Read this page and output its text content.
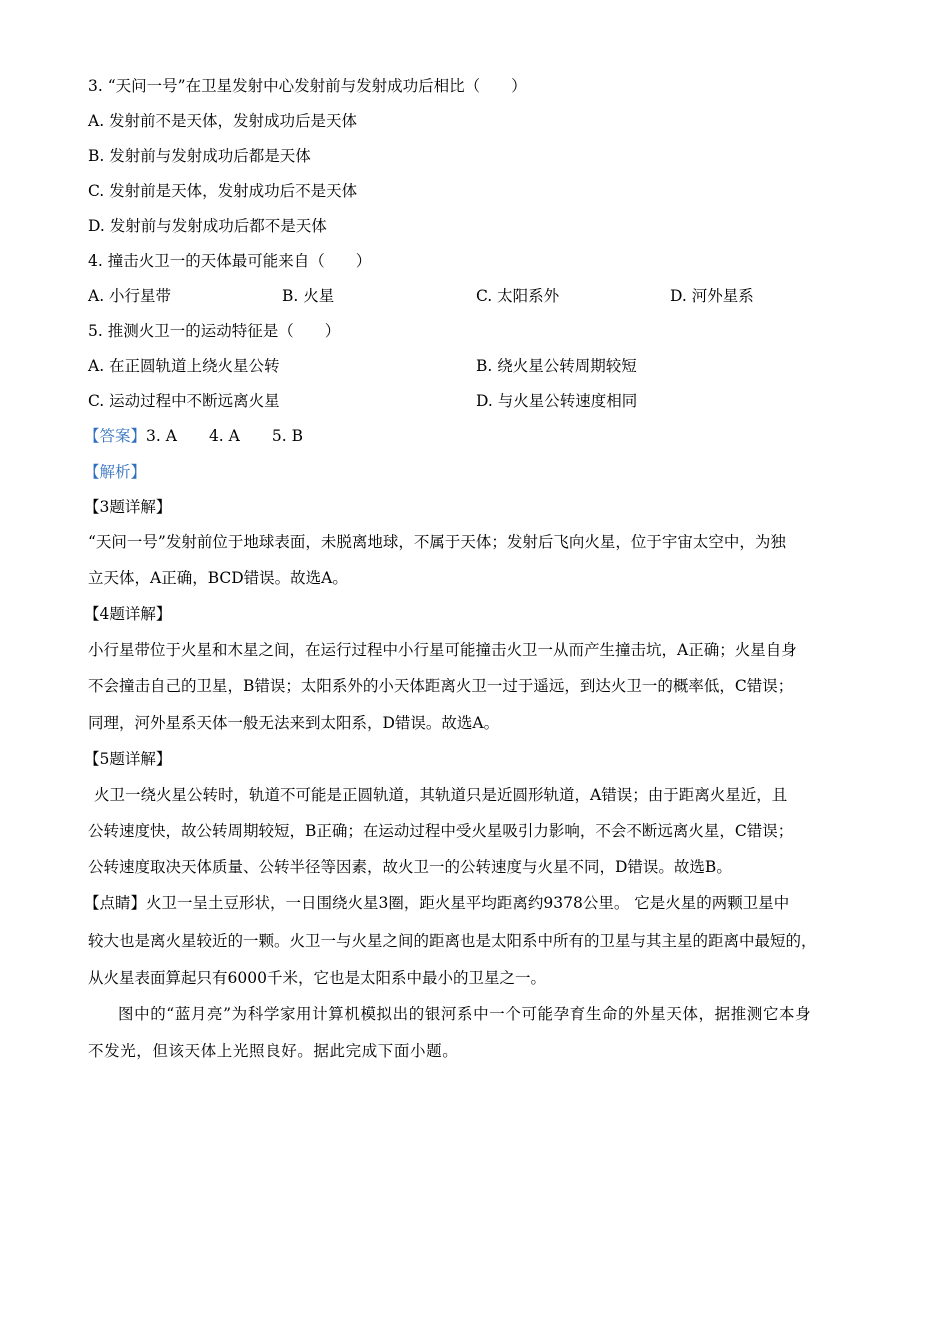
3. “天问一号”在卫星发射中心发射前与发射成功后相比（　　）
A. 发射前不是天体，发射成功后是天体
B. 发射前与发射成功后都是天体
C. 发射前是天体，发射成功后不是天体
D. 发射前与发射成功后都不是天体
4. 撞击火卫一的天体最可能来自（　　）
A. 小行星带	B. 火星	C. 太阳系外	D. 河外星系
5. 推测火卫一的运动特征是（　　）
A. 在正圆轨道上绕火星公转	B. 绕火星公转周期较短
C. 运动过程中不断远离火星	D. 与火星公转速度相同
【答案】3. A 4. A 5. B
【解析】
【3题详解】
“天问一号”发射前位于地球表面，未脱离地球，不属于天体；发射后飞向火星，位于宇宙太空中，为独
立天体，A正确，BCD错误。故选A。
【4题详解】
小行星带位于火星和木星之间，在运行过程中小行星可能撞击火卫一从而产生撞击坑，A正确；火星自身
不会撞击自己的卫星，B错误；太阳系外的小天体距离火卫一过于遥远，到达火卫一的概率低，C错误；
同理，河外星系天体一般无法来到太阳系，D错误。故选A。
【5题详解】
火卫一绕火星公转时，轨道不可能是正圆轨道，其轨道只是近圆形轨道，A错误；由于距离火星近，且
公转速度快，故公转周期较短，B正确；在运动过程中受火星吸引力影响，不会不断远离火星，C错误；
公转速度取决天体质量、公转半径等因素，故火卫一的公转速度与火星不同，D错误。故选B。
【点睛】火卫一呈土豆形状，一日围绕火星3圈，距火星平均距离约9378公里。 它是火星的两颗卫星中
较大也是离火星较近的一颗。火卫一与火星之间的距离也是太阳系中所有的卫星与其主星的距离中最短的，
从火星表面算起只有6000千米，它也是太阳系中最小的卫星之一。
图中的“蓝月亮”为科学家用计算机模拟出的银河系中一个可能孕育生命的外星天体，据推测它本身
不发光，但该天体上光照良好。据此完成下面小题。
